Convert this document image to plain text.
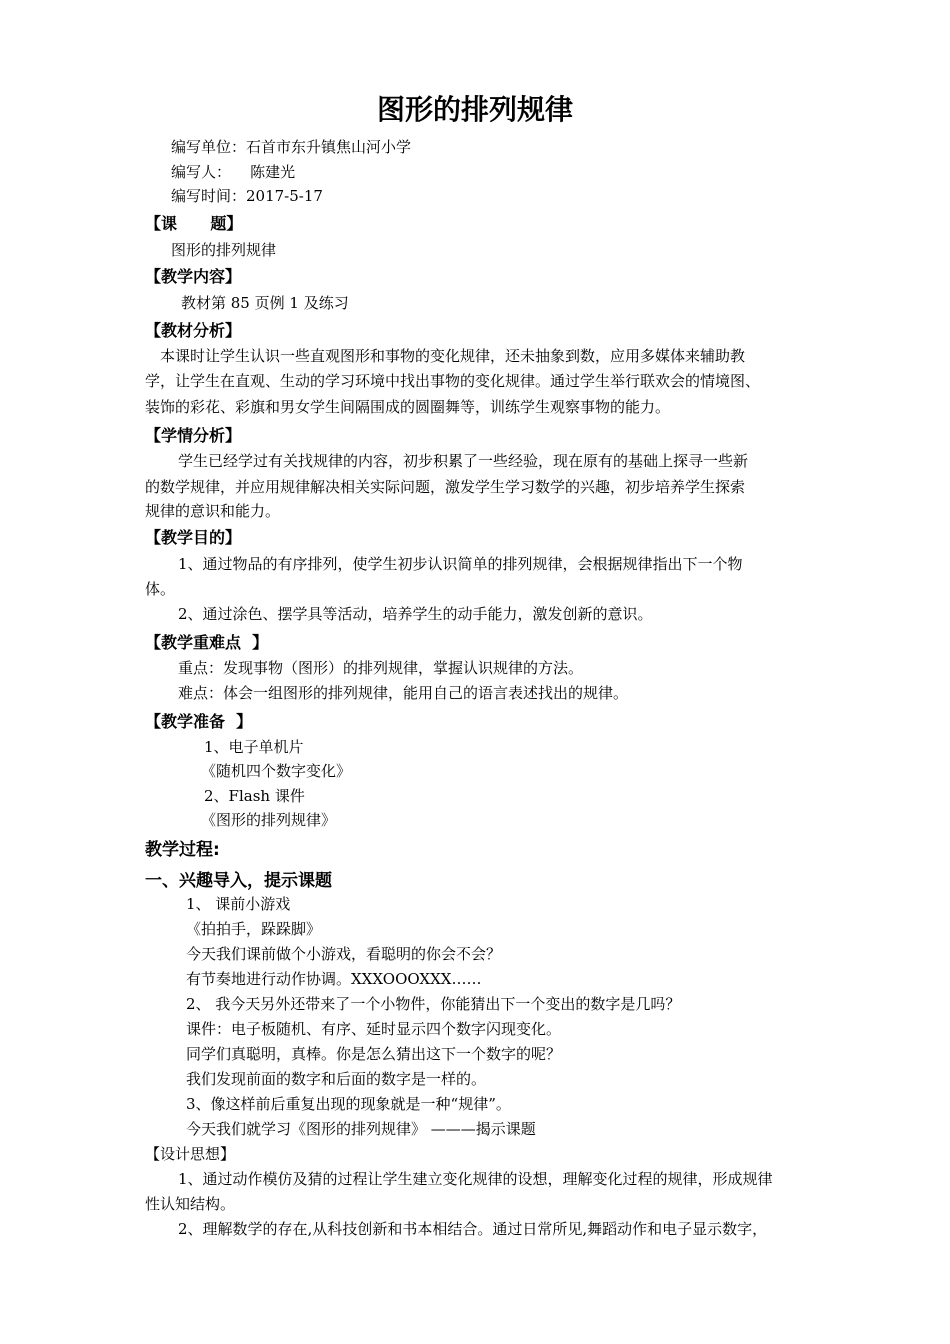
图形的排列规律
编写单位：石首市东升镇焦山河小学
编写人：    陈建光
编写时间：2017-5-17
【课      题】
图形的排列规律
【教学内容】
教材第 85 页例 1 及练习
【教材分析】
本课时让学生认识一些直观图形和事物的变化规律，还未抽象到数，应用多媒体来辅助教
学，让学生在直观、生动的学习环境中找出事物的变化规律。通过学生举行联欢会的情境图、
装饰的彩花、彩旗和男女学生间隔围成的圆圈舞等，训练学生观察事物的能力。
【学情分析】
学生已经学过有关找规律的内容，初步积累了一些经验，现在原有的基础上探寻一些新
的数学规律，并应用规律解决相关实际问题，激发学生学习数学的兴趣，初步培养学生探索
规律的意识和能力。
【教学目的】
1、通过物品的有序排列，使学生初步认识简单的排列规律，会根据规律指出下一个物
体。
2、通过涂色、摆学具等活动，培养学生的动手能力，激发创新的意识。
【教学重难点  】
重点：发现事物（图形）的排列规律，掌握认识规律的方法。
难点：体会一组图形的排列规律，能用自己的语言表述找出的规律。
【教学准备  】
1、电子单机片
《随机四个数字变化》
2、Flash 课件
《图形的排列规律》
教学过程:
一、兴趣导入，提示课题
1、 课前小游戏
《拍拍手，跺跺脚》
今天我们课前做个小游戏，看聪明的你会不会？
有节奏地进行动作协调。XXXOOOXXX……
2、 我今天另外还带来了一个小物件，你能猜出下一个变出的数字是几吗？
课件：电子板随机、有序、延时显示四个数字闪现变化。
同学们真聪明，真棒。你是怎么猜出这下一个数字的呢？
我们发现前面的数字和后面的数字是一样的。
3、像这样前后重复出现的现象就是一种“规律”。
今天我们就学习《图形的排列规律》 ———揭示课题
【设计思想】
1、通过动作模仿及猜的过程让学生建立变化规律的设想，理解变化过程的规律，形成规律
性认知结构。
2、理解数学的存在,从科技创新和书本相结合。通过日常所见,舞蹈动作和电子显示数字，
